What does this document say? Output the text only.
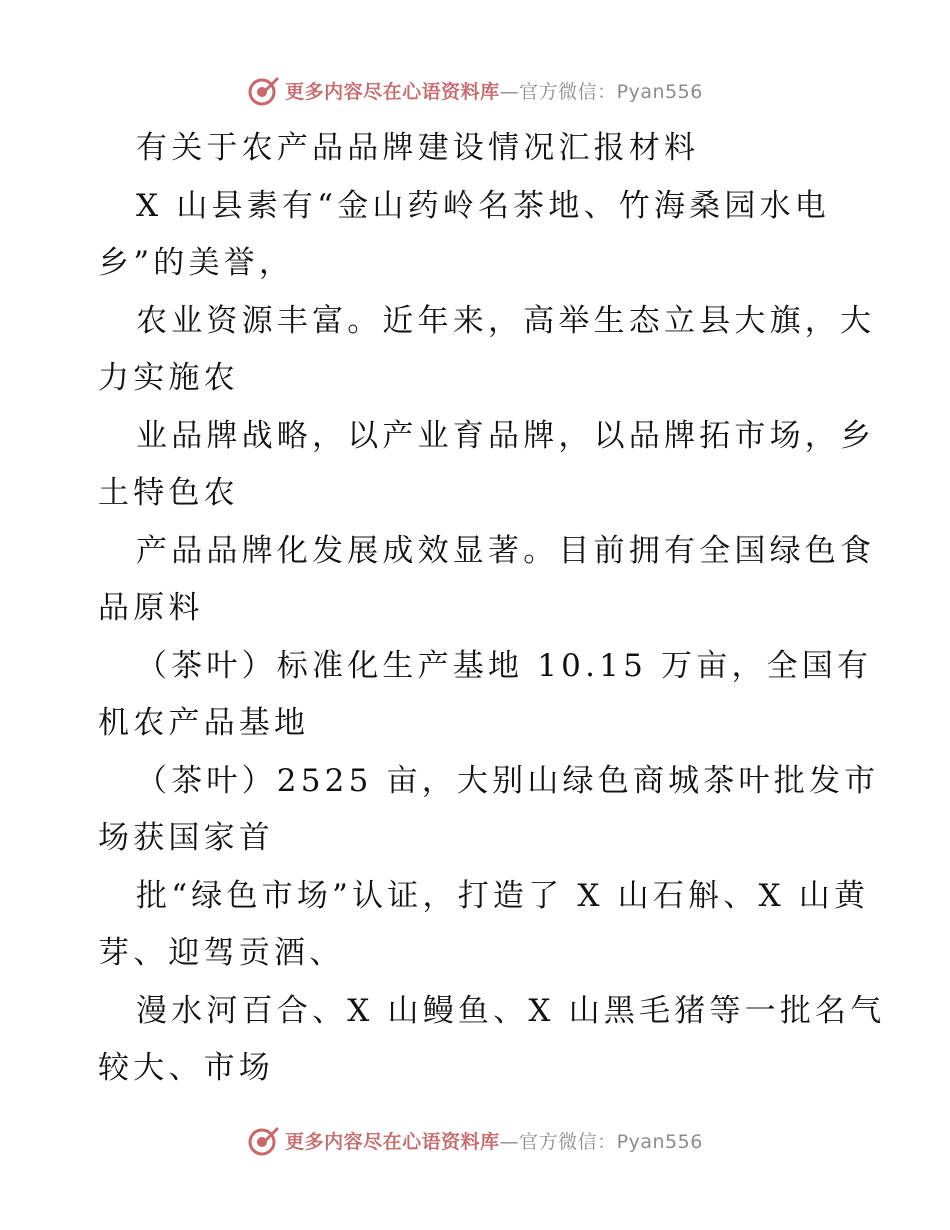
更多内容尽在心语资料库 —官方微信：Pyan556
有关于农产品品牌建设情况汇报材料
X 山县素有“金山药岭名茶地、竹海桑园水电
乡”的美誉，
农业资源丰富。近年来，高举生态立县大旗，大
力实施农
业品牌战略，以产业育品牌，以品牌拓市场，乡
土特色农
产品品牌化发展成效显著。目前拥有全国绿色食
品原料
（茶叶）标准化生产基地 10.15 万亩，全国有
机农产品基地
（茶叶）2525 亩，大别山绿色商城茶叶批发市
场获国家首
批“绿色市场”认证，打造了 X 山石斛、X 山黄
芽、迎驾贡酒、
漫水河百合、X 山鳗鱼、X 山黑毛猪等一批名气
较大、市场
更多内容尽在心语资料库 —官方微信：Pyan556
